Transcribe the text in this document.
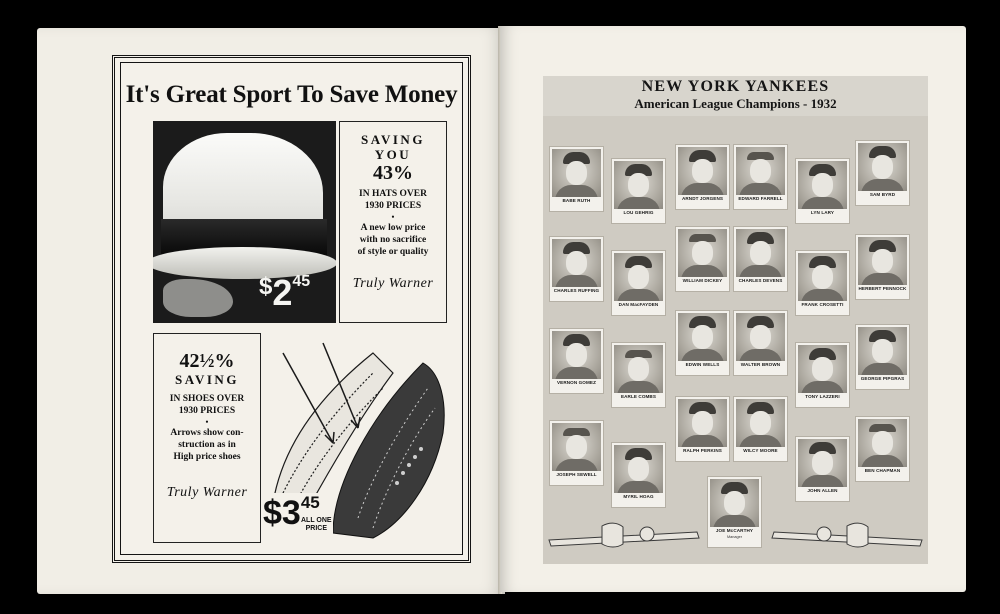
It's Great Sport To Save Money
$245
SAVING
YOU
43%
IN HATS OVER
1930 PRICES
•
A new low price
with no sacrifice
of style or quality
Truly Warner
42½%
SAVING
IN SHOES OVER
1930 PRICES
•
Arrows show con-
struction as in
High price shoes
Truly Warner
$345
ALL ONE
PRICE
NEW YORK YANKEES
American League Champions - 1932
BABE RUTH
LOU GEHRIG
ARNDT JORGENS	EDWARD FARRELL
LYN LARY
SAM BYRD
CHARLES RUFFING
DAN MacFAYDEN
WILLIAM DICKEY	CHARLES DEVENS
FRANK CROSETTI
HERBERT PENNOCK
VERNON GOMEZ
EARLE COMBS
EDWIN WELLS	WALTER BROWN
TONY LAZZERI
GEORGE PIPGRAS
JOSEPH SEWELL
MYRIL HOAG
RALPH PERKINS	WILCY MOORE
JOHN ALLEN
BEN CHAPMAN
JOE McCARTHY
Manager
